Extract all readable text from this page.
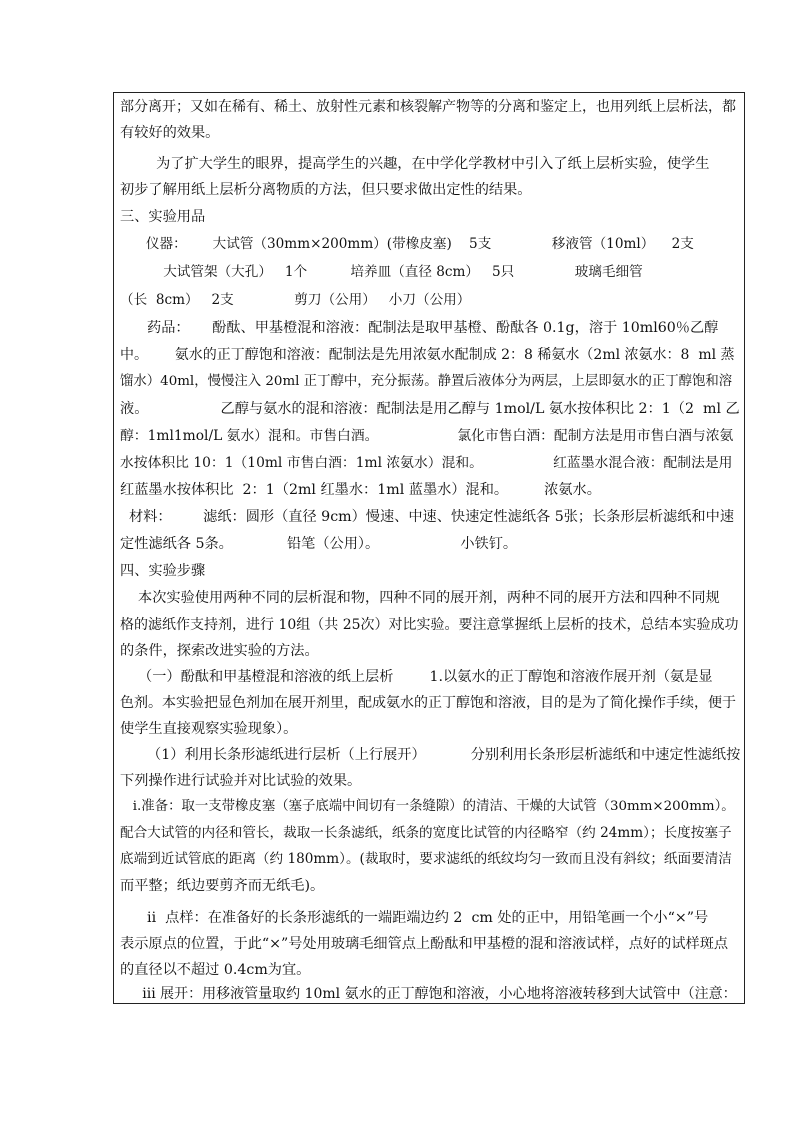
部分离开；又如在稀有、稀土、放射性元素和核裂解产物等的分离和鉴定上，也用列纸上层析法，都
有较好的效果。
为了扩大学生的眼界，提高学生的兴趣，在中学化学教材中引入了纸上层析实验，使学生
初步了解用纸上层析分离物质的方法，但只要求做出定性的结果。
三、实验用品
仪器：      大试管（30mm×200mm）(带橡皮塞)    5支              移液管（10ml）    2支
大试管架（大孔）   1个          培养皿（直径 8cm）   5只              玻璃毛细管
（长  8cm）   2支              剪刀（公用）   小刀（公用）
药品：     酚酞、甲基橙混和溶液：配制法是取甲基橙、酚酞各 0.1g，溶于 10ml60％乙醇
中。      氨水的正丁醇饱和溶液：配制法是先用浓氨水配制成 2：8 稀氨水（2ml 浓氨水：8  ml 蒸
馏水）40ml，慢慢注入 20ml 正丁醇中，充分振荡。静置后液体分为两层，上层即氨水的正丁醇饱和溶
液。                乙醇与氨水的混和溶液：配制法是用乙醇与 1mol/L 氨水按体积比 2：1（2  ml 乙
醇：1ml1mol/L 氨水）混和。市售白酒。                  氯化市售白酒：配制方法是用市售白酒与浓氨
水按体积比 10：1（10ml 市售白酒：1ml 浓氨水）混和。                红蓝墨水混合液：配制法是用
红蓝墨水按体积比  2：1（2ml 红墨水：1ml 蓝墨水）混和。        浓氨水。
材料：       滤纸：圆形（直径 9cm）慢速、中速、快速定性滤纸各 5张；长条形层析滤纸和中速
定性滤纸各 5条。            铅笔（公用）。                  小铁钉。
四、实验步骤
本次实验使用两种不同的层析混和物，四种不同的展开剂，两种不同的展开方法和四种不同规
格的滤纸作支持剂，进行 10组（共 25次）对比实验。要注意掌握纸上层析的技术，总结本实验成功
的条件，探索改进实验的方法。
（一）酚酞和甲基橙混和溶液的纸上层析        1.以氨水的正丁醇饱和溶液作展开剂（氨是显
色剂。本实验把显色剂加在展开剂里，配成氨水的正丁醇饱和溶液，目的是为了简化操作手续，便于
使学生直接观察实验现象）。
（1）利用长条形滤纸进行层析（上行展开）          分别利用长条形层析滤纸和中速定性滤纸按
下列操作进行试验并对比试验的效果。
i.准备：取一支带橡皮塞（塞子底端中间切有一条缝隙）的清洁、干燥的大试管（30mm×200mm）。
配合大试管的内径和管长，裁取一长条滤纸，纸条的宽度比试管的内径略窄（约 24mm）；长度按塞子
底端到近试管底的距离（约 180mm）。(裁取时，要求滤纸的纸纹均匀一致而且没有斜纹；纸面要清洁
而平整；纸边要剪齐而无纸毛)。
ii  点样：在准备好的长条形滤纸的一端距端边约 2  cm 处的正中，用铅笔画一个小“×”号
表示原点的位置，于此“×”号处用玻璃毛细管点上酚酞和甲基橙的混和溶液试样，点好的试样斑点
的直径以不超过 0.4cm为宜。
iii 展开：用移液管量取约 10ml 氨水的正丁醇饱和溶液，小心地将溶液转移到大试管中（注意：
